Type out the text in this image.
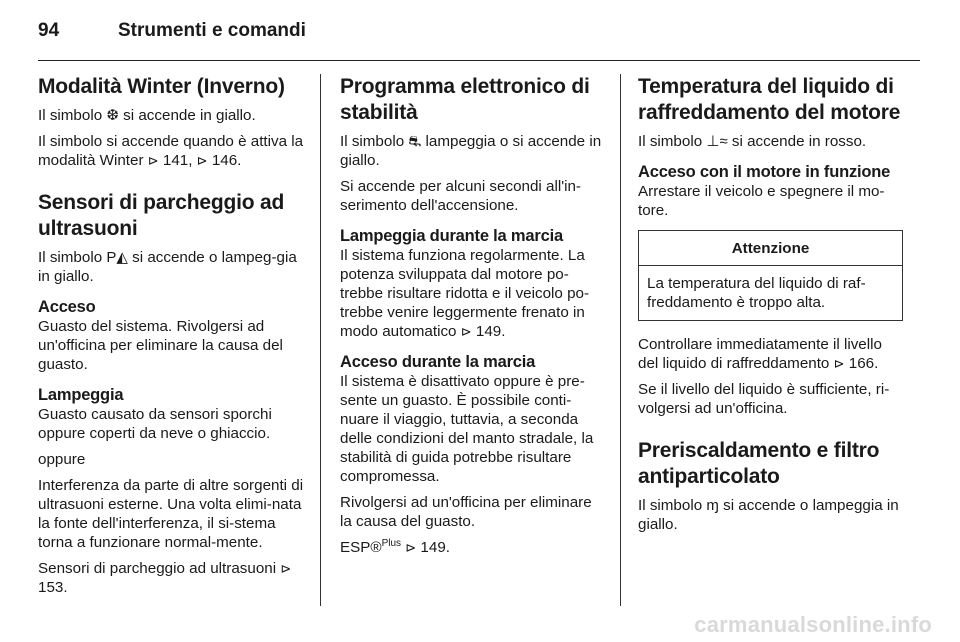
94	Strumenti e comandi
Modalità Winter (Inverno)

Il simbolo ❆ si accende in giallo.

Il simbolo si accende quando è attiva la modalità Winter ⊳ 141, ⊳ 146.

Sensori di parcheggio ad ultrasuoni

Il simbolo P◭ si accende o lampeg-gia in giallo.

Acceso

Guasto del sistema. Rivolgersi ad un'officina per eliminare la causa del guasto.

Lampeggia

Guasto causato da sensori sporchi oppure coperti da neve o ghiaccio.

oppure

Interferenza da parte di altre sorgenti di ultrasuoni esterne. Una volta elimi-nata la fonte dell'interferenza, il si-stema torna a funzionare normal-mente.

Sensori di parcheggio ad ultrasuoni ⊳ 153.

Programma elettronico di stabilità

Il simbolo ⛐ lampeggia o si accende in giallo.

Si accende per alcuni secondi all'in-serimento dell'accensione.

Lampeggia durante la marcia

Il sistema funziona regolarmente. La potenza sviluppata dal motore po-trebbe risultare ridotta e il veicolo po-trebbe venire leggermente frenato in modo automatico ⊳ 149.

Acceso durante la marcia

Il sistema è disattivato oppure è pre-sente un guasto. È possibile conti-nuare il viaggio, tuttavia, a seconda delle condizioni del manto stradale, la stabilità di guida potrebbe risultare compromessa.

Rivolgersi ad un'officina per eliminare la causa del guasto.

ESP®$^{Plus}$ ⊳ 149.

Temperatura del liquido di raffreddamento del motore

Il simbolo ⊥≈ si accende in rosso.

Acceso con il motore in funzione

Arrestare il veicolo e spegnere il mo-tore.

Attenzione
La temperatura del liquido di raf-freddamento è troppo alta.

Controllare immediatamente il livello del liquido di raffreddamento ⊳ 166.

Se il livello del liquido è sufficiente, ri-volgersi ad un'officina.

Preriscaldamento e filtro antiparticolato

Il simbolo ɱ si accende o lampeggia in giallo.

carmanualsonline.info
